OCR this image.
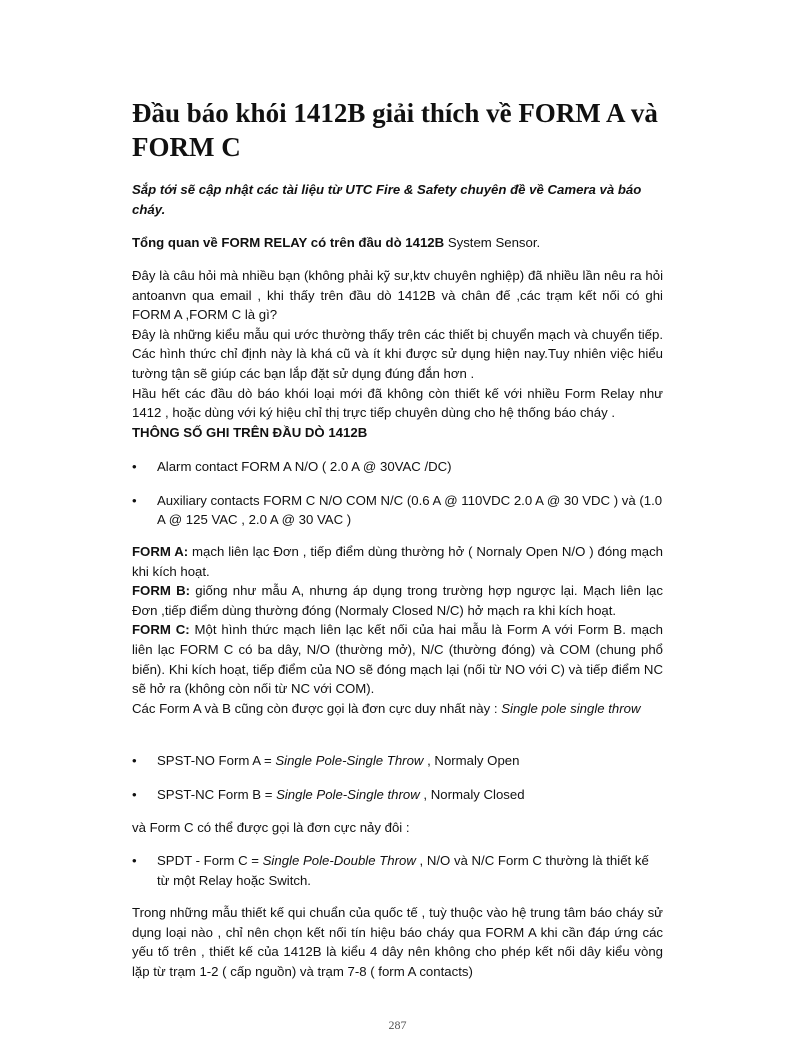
Đầu báo khói 1412B giải thích về FORM A và FORM C

Sắp tới sẽ cập nhật các tài liệu từ UTC Fire & Safety chuyên đề về Camera và báo cháy.

Tổng quan về FORM RELAY có trên đầu dò 1412B System Sensor.

Đây là câu hỏi mà nhiều bạn (không phải kỹ sư,ktv chuyên nghiệp) đã nhiều lần nêu ra hỏi antoanvn qua email , khi thấy trên đầu dò 1412B và chân đế ,các trạm kết nối có ghi FORM A ,FORM C là gì?
Đây là những kiểu mẫu qui ước thường thấy trên các thiết bị chuyển mạch và chuyển tiếp. Các hình thức chỉ định này là khá cũ và ít khi được sử dụng hiện nay.Tuy nhiên việc hiểu tường tận sẽ giúp các bạn lắp đặt sử dụng đúng đắn hơn .
Hầu hết các đầu dò báo khói loại mới đã không còn thiết kế với nhiều Form Relay như 1412 , hoặc dùng với ký hiệu chỉ thị trực tiếp chuyên dùng cho hệ thống báo cháy .
THÔNG SỐ GHI TRÊN ĐẦU DÒ 1412B
•	Alarm contact FORM A N/O ( 2.0 A @ 30VAC /DC)
•	Auxiliary contacts FORM C N/O COM N/C (0.6 A @ 110VDC 2.0 A @ 30 VDC ) và (1.0 A @ 125 VAC , 2.0 A @ 30 VAC )
FORM A: mạch liên lạc Đơn , tiếp điểm dùng thường hở ( Nornaly Open N/O ) đóng mạch khi kích hoạt.
FORM B: giống như mẫu A, nhưng áp dụng trong trường hợp ngược lại. Mạch liên lạc Đơn ,tiếp điểm dùng thường đóng (Normaly Closed N/C) hở mạch ra khi kích hoạt.
FORM C: Một hình thức mạch liên lạc kết nối của hai mẫu là Form A với Form B. mạch liên lạc FORM C có ba dây, N/O (thường mở), N/C (thường đóng) và COM (chung phổ biến). Khi kích hoạt, tiếp điểm của NO sẽ đóng mạch lại (nối từ NO với C) và tiếp điểm NC sẽ hở ra (không còn nối từ NC với COM).
Các Form A và B cũng còn được gọi là đơn cực duy nhất này : Single pole single throw
•	SPST-NO Form A = Single Pole-Single Throw , Normaly Open
•	SPST-NC Form B = Single Pole-Single throw , Normaly Closed

và Form C có thể được gọi là đơn cực nảy đôi :

•	SPDT - Form C = Single Pole-Double Throw , N/O và N/C Form C thường là thiết kế từ một Relay hoặc Switch.

Trong những mẫu thiết kế qui chuẩn của quốc tế , tuỳ thuộc vào hệ trung tâm báo cháy sử dụng loại nào , chỉ nên chọn kết nối tín hiệu báo cháy qua FORM A khi cần đáp ứng các yếu tố trên , thiết kế của 1412B là kiểu 4 dây nên không cho phép kết nối dây kiểu vòng lặp từ trạm 1-2 ( cấp nguồn) và trạm 7-8 ( form A contacts)

287
